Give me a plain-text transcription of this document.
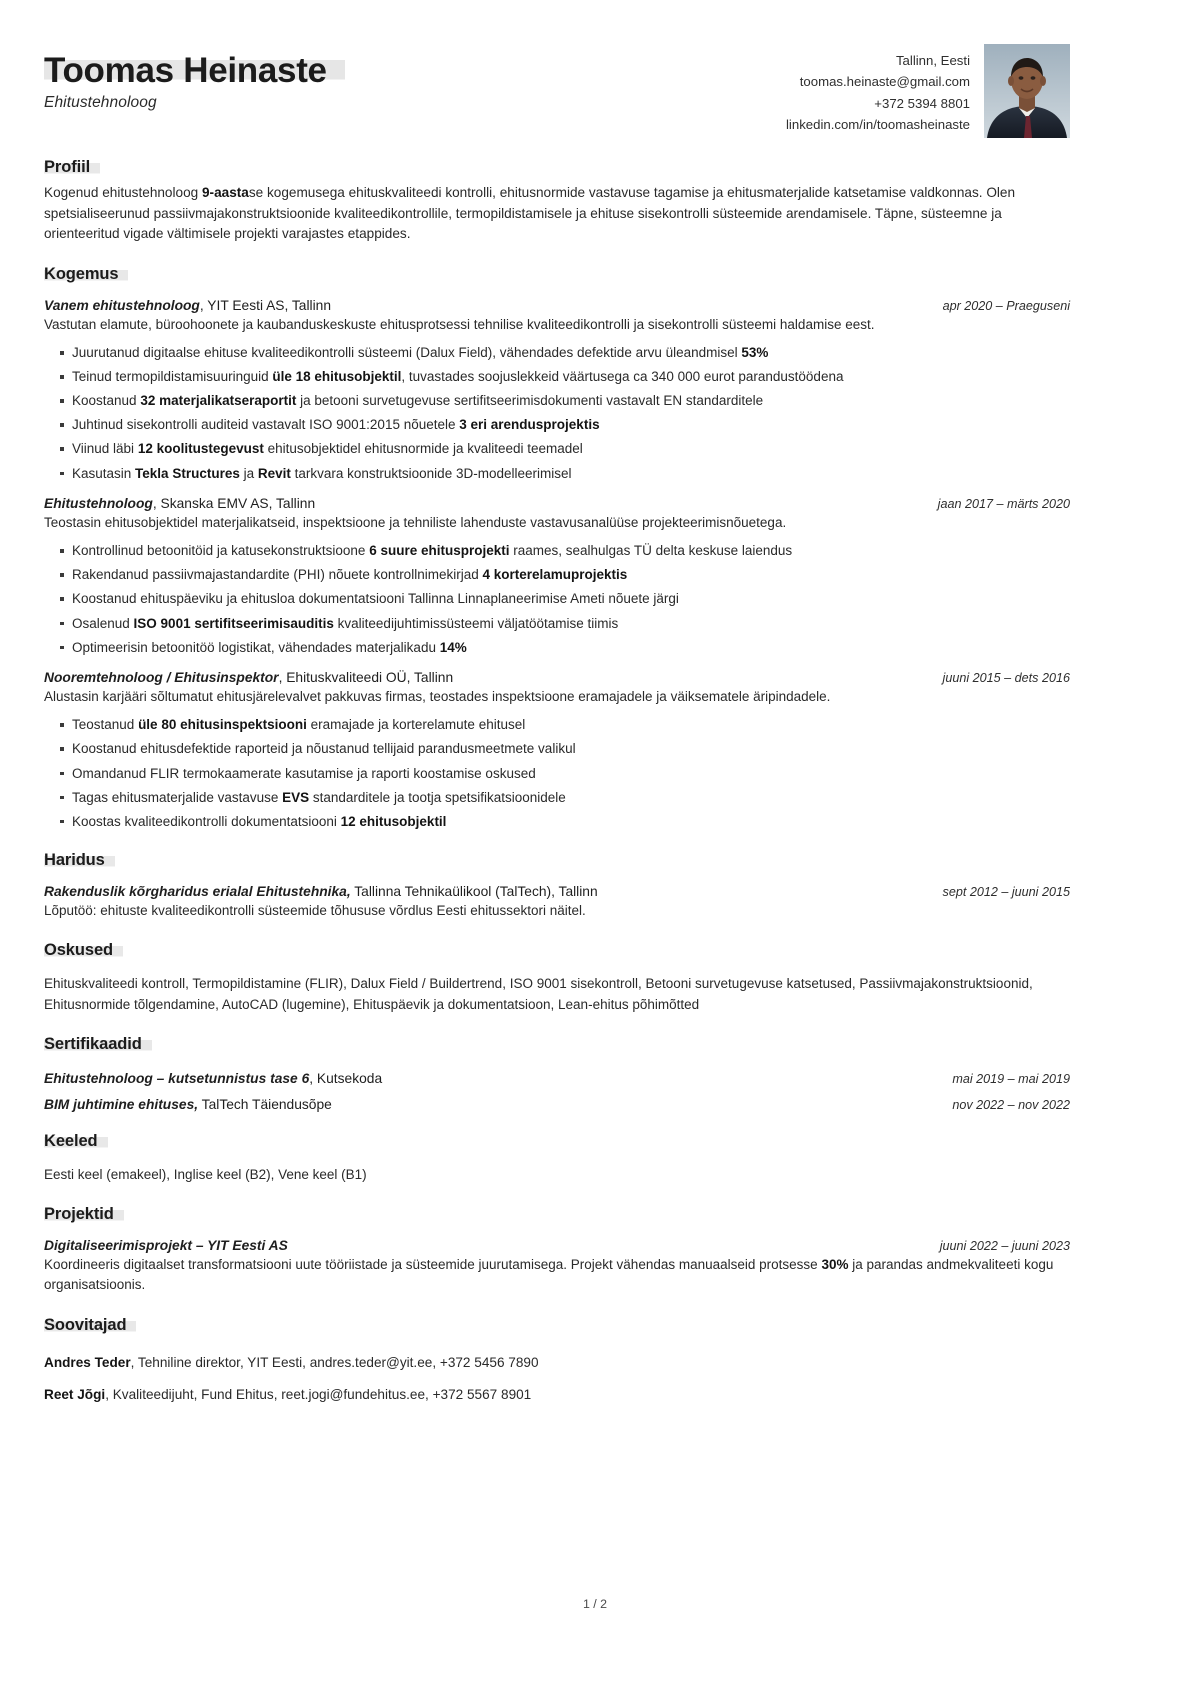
Toomas Heinaste
Ehitustehnoloog
Tallinn, Eesti
toomas.heinaste@gmail.com
+372 5394 8801
linkedin.com/in/toomasheinaste
Profiil

Kogenud ehitustehnoloog 9-aastase kogemusega ehituskvaliteedi kontrolli, ehitusnormide vastavuse tagamise ja ehitusmaterjalide katsetamise valdkonnas. Olen spetsialiseerunud passiivmajakonstruktsioonide kvaliteedikontrollile, termopildistamisele ja ehituse sisekontrolli süsteemide arendamisele. Täpne, süsteemne ja orienteeritud vigade vältimisele projekti varajastes etappides.

Kogemus
Vanem ehitustehnoloog, YIT Eesti AS, Tallinn	apr 2020 – Praeguseni
Vastutan elamute, büroohoonete ja kaubanduskeskuste ehitusprotsessi tehnilise kvaliteedikontrolli ja sisekontrolli süsteemi haldamise eest.
Juurutanud digitaalse ehituse kvaliteedikontrolli süsteemi (Dalux Field), vähendades defektide arvu üleandmisel 53%
Teinud termopildistamisuuringuid üle 18 ehitusobjektil, tuvastades soojuslekkeid väärtusega ca 340 000 eurot parandustöödena
Koostanud 32 materjalikatseraportit ja betooni survetugevuse sertifitseerimisdokumenti vastavalt EN standarditele
Juhtinud sisekontrolli auditeid vastavalt ISO 9001:2015 nõuetele 3 eri arendusprojektis
Viinud läbi 12 koolitustegevust ehitusobjektidel ehitusnormide ja kvaliteedi teemadel
Kasutasin Tekla Structures ja Revit tarkvara konstruktsioonide 3D-modelleerimisel
Ehitustehnoloog, Skanska EMV AS, Tallinn	jaan 2017 – märts 2020
Teostasin ehitusobjektidel materjalikatseid, inspektsioone ja tehniliste lahenduste vastavusanalüüse projekteerimisnõuetega.
Kontrollinud betoonitöid ja katusekonstruktsioone 6 suure ehitusprojekti raames, sealhulgas TÜ delta keskuse laiendus
Rakendanud passiivmajastandardite (PHI) nõuete kontrollnimekirjad 4 korterelamuprojektis
Koostanud ehituspäeviku ja ehitusloa dokumentatsiooni Tallinna Linnaplaneerimise Ameti nõuete järgi
Osalenud ISO 9001 sertifitseerimisauditis kvaliteedijuhtimissüsteemi väljatöötamise tiimis
Optimeerisin betoonitöö logistikat, vähendades materjalikadu 14%
Nooremtehnoloog / Ehitusinspektor, Ehituskvaliteedi OÜ, Tallinn	juuni 2015 – dets 2016
Alustasin karjääri sõltumatut ehitusjärelevalvet pakkuvas firmas, teostades inspektsioone eramajadele ja väiksematele äripindadele.
Teostanud üle 80 ehitusinspektsiooni eramajade ja korterelamute ehitusel
Koostanud ehitusdefektide raporteid ja nõustanud tellijaid parandusmeetmete valikul
Omandanud FLIR termokaamerate kasutamise ja raporti koostamise oskused
Tagas ehitusmaterjalide vastavuse EVS standarditele ja tootja spetsifikatsioonidele
Koostas kvaliteedikontrolli dokumentatsiooni 12 ehitusobjektil
Haridus
Rakenduslik kõrgharidus erialal Ehitustehnika, Tallinna Tehnikaülikool (TalTech), Tallinn	sept 2012 – juuni 2015
Lõputöö: ehituste kvaliteedikontrolli süsteemide tõhususe võrdlus Eesti ehitussektori näitel.
Oskused
Ehituskvaliteedi kontroll, Termopildistamine (FLIR), Dalux Field / Buildertrend, ISO 9001 sisekontroll, Betooni survetugevuse katsetused, Passiivmajakonstruktsioonid, Ehitusnormide tõlgendamine, AutoCAD (lugemine), Ehituspäevik ja dokumentatsioon, Lean-ehitus põhimõtted
Sertifikaadid
Ehitustehnoloog – kutsetunnistus tase 6, Kutsekoda	mai 2019 – mai 2019
BIM juhtimine ehituses, TalTech Täiendusõpe	nov 2022 – nov 2022
Keeled
Eesti keel (emakeel), Inglise keel (B2), Vene keel (B1)
Projektid
Digitaliseerimisprojekt – YIT Eesti AS	juuni 2022 – juuni 2023
Koordineeris digitaalset transformatsiooni uute tööriistade ja süsteemide juurutamisega. Projekt vähendas manuaalseid protsesse 30% ja parandas andmekvaliteeti kogu organisatsioonis.
Soovitajad
Andres Teder, Tehniline direktor, YIT Eesti, andres.teder@yit.ee, +372 5456 7890
Reet Jõgi, Kvaliteedijuht, Fund Ehitus, reet.jogi@fundehitus.ee, +372 5567 8901
1 / 2
